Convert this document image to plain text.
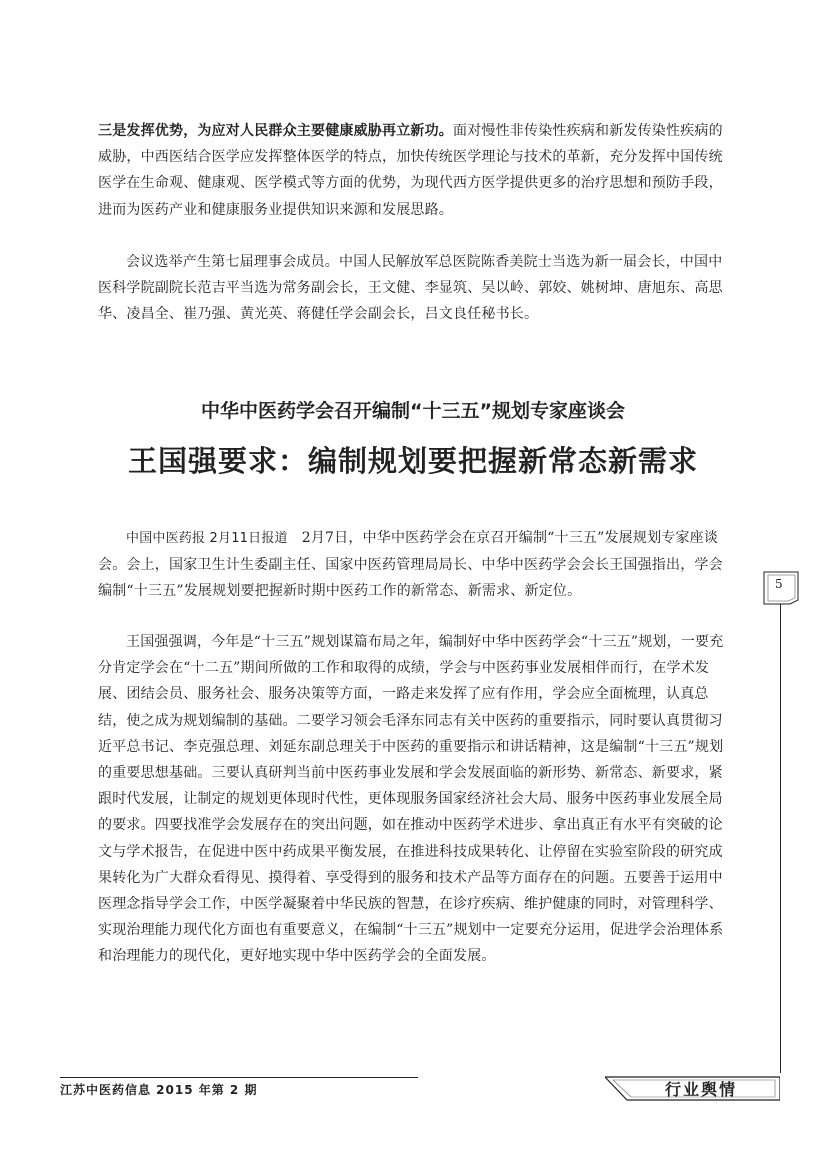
三是发挥优势，为应对人民群众主要健康威胁再立新功。面对慢性非传染性疾病和新发传染性疾病的威胁，中西医结合医学应发挥整体医学的特点，加快传统医学理论与技术的革新，充分发挥中国传统医学在生命观、健康观、医学模式等方面的优势，为现代西方医学提供更多的治疗思想和预防手段，进而为医药产业和健康服务业提供知识来源和发展思路。
会议选举产生第七届理事会成员。中国人民解放军总医院陈香美院士当选为新一届会长，中国中医科学院副院长范吉平当选为常务副会长，王文健、李显筑、吴以岭、郭姣、姚树坤、唐旭东、高思华、凌昌全、崔乃强、黄光英、蒋健任学会副会长，吕文良任秘书长。
中华中医药学会召开编制“十三五”规划专家座谈会
王国强要求：编制规划要把握新常态新需求
中国中医药报 2月11日报道 2月7日，中华中医药学会在京召开编制“十三五”发展规划专家座谈会。会上，国家卫生计生委副主任、国家中医药管理局局长、中华中医药学会会长王国强指出，学会编制“十三五”发展规划要把握新时期中医药工作的新常态、新需求、新定位。
王国强强调，今年是“十三五”规划谋篇布局之年，编制好中华中医药学会“十三五”规划，一要充分肯定学会在“十二五”期间所做的工作和取得的成绩，学会与中医药事业发展相伴而行，在学术发展、团结会员、服务社会、服务决策等方面，一路走来发挥了应有作用，学会应全面梳理，认真总结，使之成为规划编制的基础。二要学习领会毛泽东同志有关中医药的重要指示，同时要认真贯彻习近平总书记、李克强总理、刘延东副总理关于中医药的重要指示和讲话精神，这是编制“十三五”规划的重要思想基础。三要认真研判当前中医药事业发展和学会发展面临的新形势、新常态、新要求，紧跟时代发展，让制定的规划更体现时代性，更体现服务国家经济社会大局、服务中医药事业发展全局的要求。四要找准学会发展存在的突出问题，如在推动中医药学术进步、拿出真正有水平有突破的论文与学术报告，在促进中医中药成果平衡发展，在推进科技成果转化、让停留在实验室阶段的研究成果转化为广大群众看得见、摸得着、享受得到的服务和技术产品等方面存在的问题。五要善于运用中医理念指导学会工作，中医学凝聚着中华民族的智慧，在诊疗疾病、维护健康的同时，对管理科学、实现治理能力现代化方面也有重要意义，在编制“十三五”规划中一定要充分运用，促进学会治理体系和治理能力的现代化，更好地实现中华中医药学会的全面发展。
5
江苏中医药信息 2015 年第 2 期	行业舆情
